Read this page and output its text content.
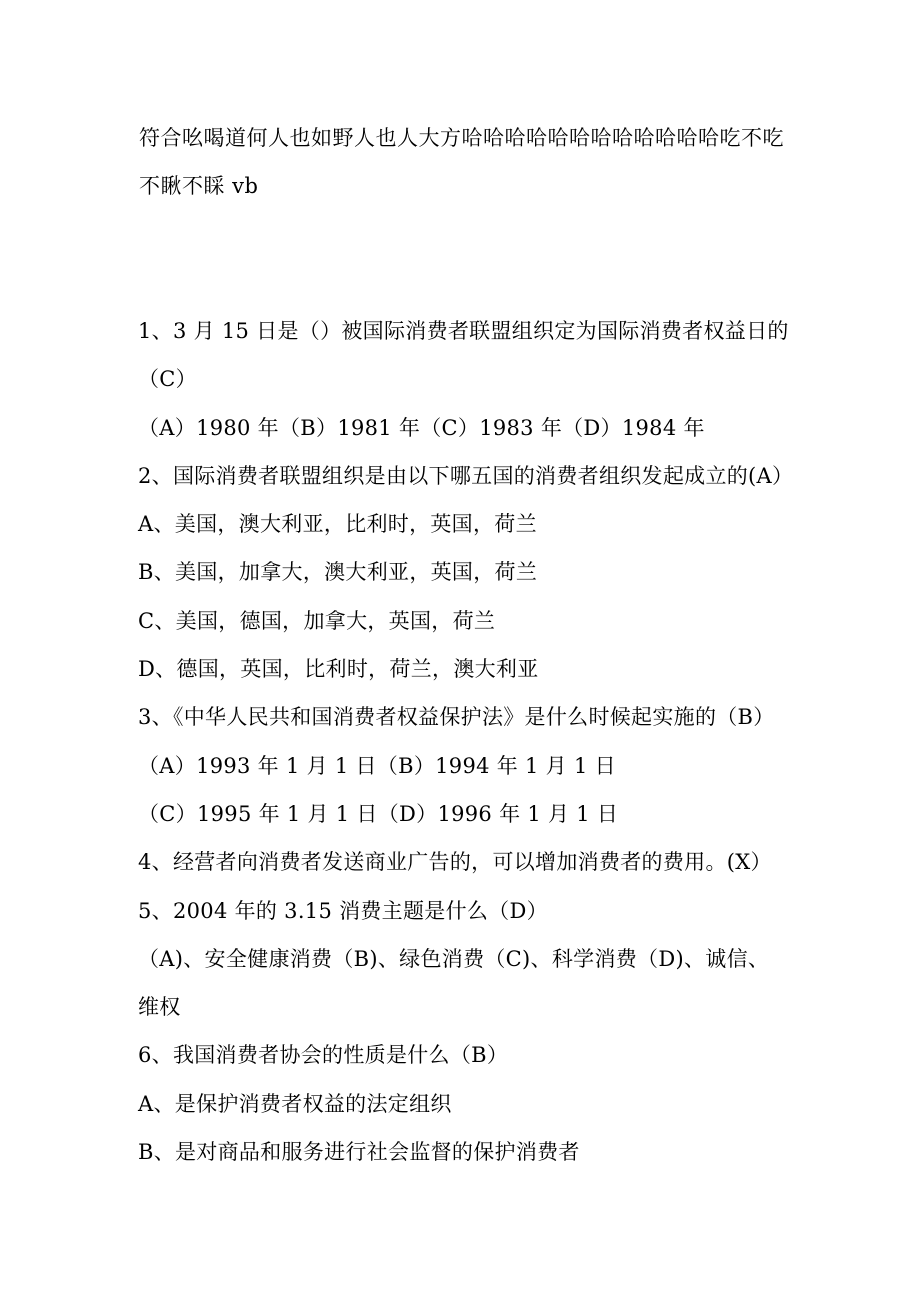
符合吆喝道何人也如野人也人大方哈哈哈哈哈哈哈哈哈哈哈哈吃不吃不瞅不睬 vb
1、3 月 15 日是（）被国际消费者联盟组织定为国际消费者权益日的
（C）
（A）1980 年（B）1981 年（C）1983 年（D）1984 年
2、国际消费者联盟组织是由以下哪五国的消费者组织发起成立的(A）
A、美国，澳大利亚，比利时，英国，荷兰
B、美国，加拿大，澳大利亚，英国，荷兰
C、美国，德国，加拿大，英国，荷兰
D、德国，英国，比利时，荷兰，澳大利亚
3、《中华人民共和国消费者权益保护法》是什么时候起实施的（B）
（A）1993 年 1 月 1 日（B）1994 年 1 月 1 日
（C）1995 年 1 月 1 日（D）1996 年 1 月 1 日
4、经营者向消费者发送商业广告的，可以增加消费者的费用。(X）
5、2004 年的 3.15 消费主题是什么（D）
（A)、安全健康消费（B)、绿色消费（C)、科学消费（D)、诚信、
维权
6、我国消费者协会的性质是什么（B）
A、是保护消费者权益的法定组织
B、是对商品和服务进行社会监督的保护消费者
